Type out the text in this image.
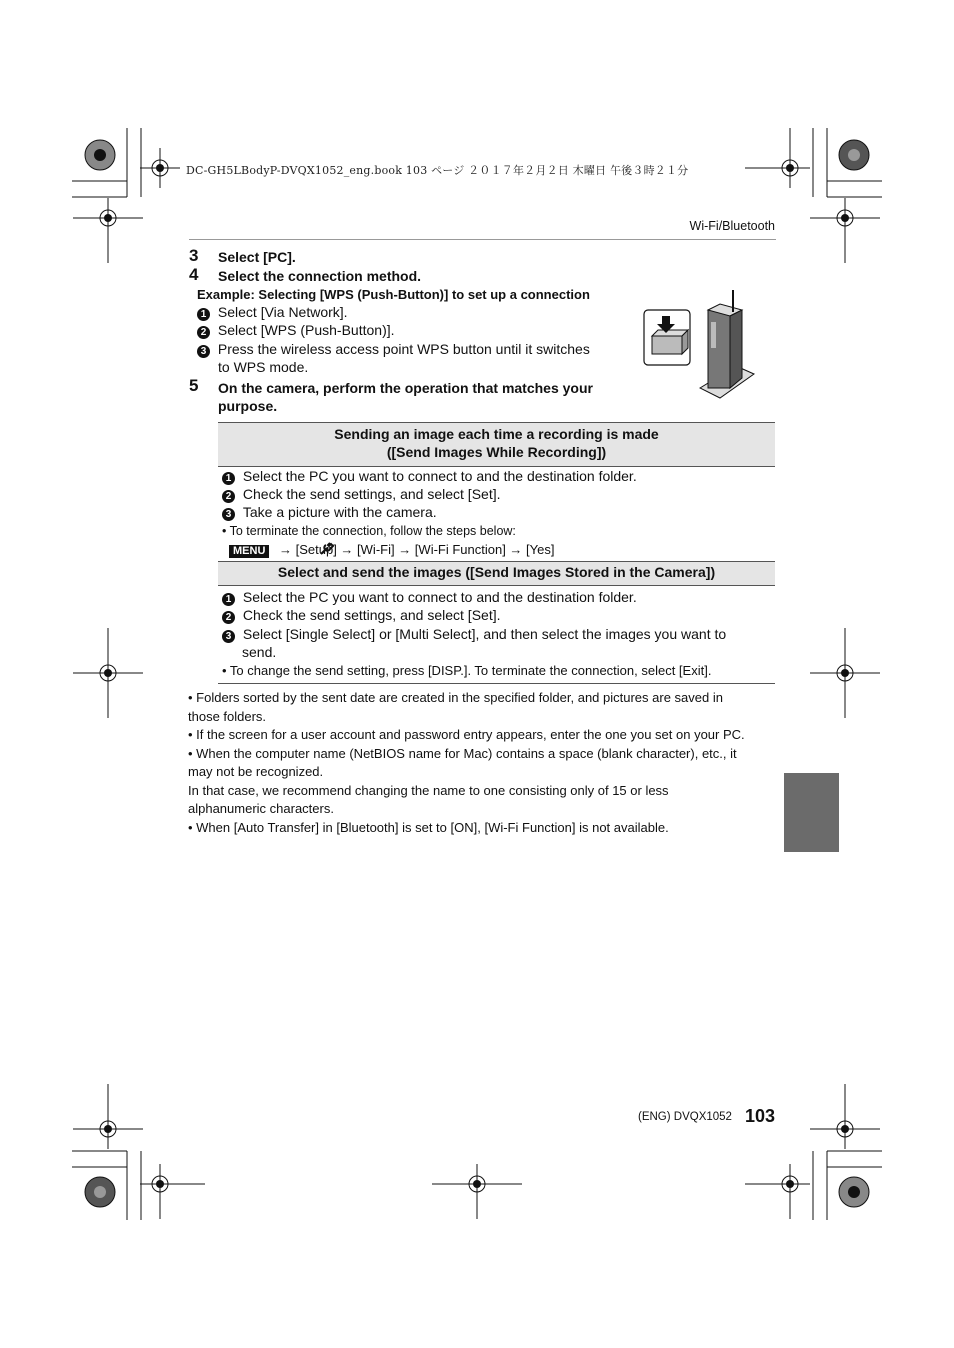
DC-GH5LBodyP-DVQX1052_eng.book 103 ページ ２０１７年２月２日 木曜日 午後３時２１分
Wi-Fi/Bluetooth
3 Select [PC].
4 Select the connection method.
Example: Selecting [WPS (Push-Button)] to set up a connection
1 Select [Via Network].
2 Select [WPS (Push-Button)].
3 Press the wireless access point WPS button until it switches
to WPS mode.
5 On the camera, perform the operation that matches your
purpose.
Sending an image each time a recording is made
([Send Images While Recording])
1 Select the PC you want to connect to and the destination folder.
2 Check the send settings, and select [Set].
3 Take a picture with the camera.
• To terminate the connection, follow the steps below:
MENU → [Setup] → [Wi-Fi] → [Wi-Fi Function] → [Yes]
Select and send the images ([Send Images Stored in the Camera])
1 Select the PC you want to connect to and the destination folder.
2 Check the send settings, and select [Set].
3 Select [Single Select] or [Multi Select], and then select the images you want to
send.
• To change the send setting, press [DISP.]. To terminate the connection, select [Exit].
• Folders sorted by the sent date are created in the specified folder, and pictures are saved in
those folders.
• If the screen for a user account and password entry appears, enter the one you set on your PC.
• When the computer name (NetBIOS name for Mac) contains a space (blank character), etc., it
may not be recognized.
In that case, we recommend changing the name to one consisting only of 15 or less
alphanumeric characters.
• When [Auto Transfer] in [Bluetooth] is set to [ON], [Wi-Fi Function] is not available.
(ENG) DVQX1052 103
